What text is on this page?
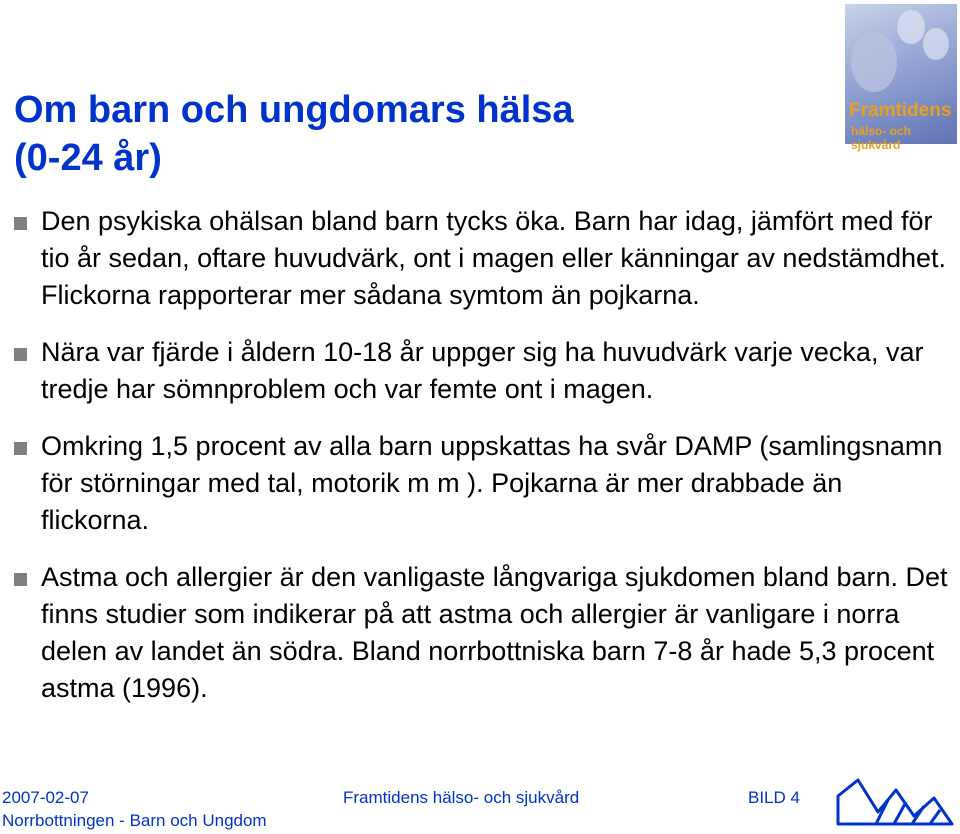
Framtidens
hälso- och sjukvård
Om barn och ungdomars hälsa
(0-24 år)
Den psykiska ohälsan bland barn tycks öka. Barn har idag, jämfört med för tio år sedan, oftare huvudvärk, ont i magen eller känningar av nedstämdhet. Flickorna rapporterar mer sådana symtom än pojkarna.
Nära var fjärde i åldern 10-18 år uppger sig ha huvudvärk varje vecka, var tredje har sömnproblem och var femte ont i magen.
Omkring 1,5 procent av alla barn uppskattas ha svår DAMP (samlingsnamn för störningar med tal, motorik m m ). Pojkarna är mer drabbade än flickorna.
Astma och allergier är den vanligaste långvariga sjukdomen bland barn. Det finns studier som indikerar på att astma och allergier är vanligare i norra delen av landet än södra. Bland norrbottniska barn 7-8 år hade 5,3 procent astma (1996).
2007-02-07
Norrbottningen - Barn och Ungdom
Framtidens hälso- och sjukvård	BILD 4
